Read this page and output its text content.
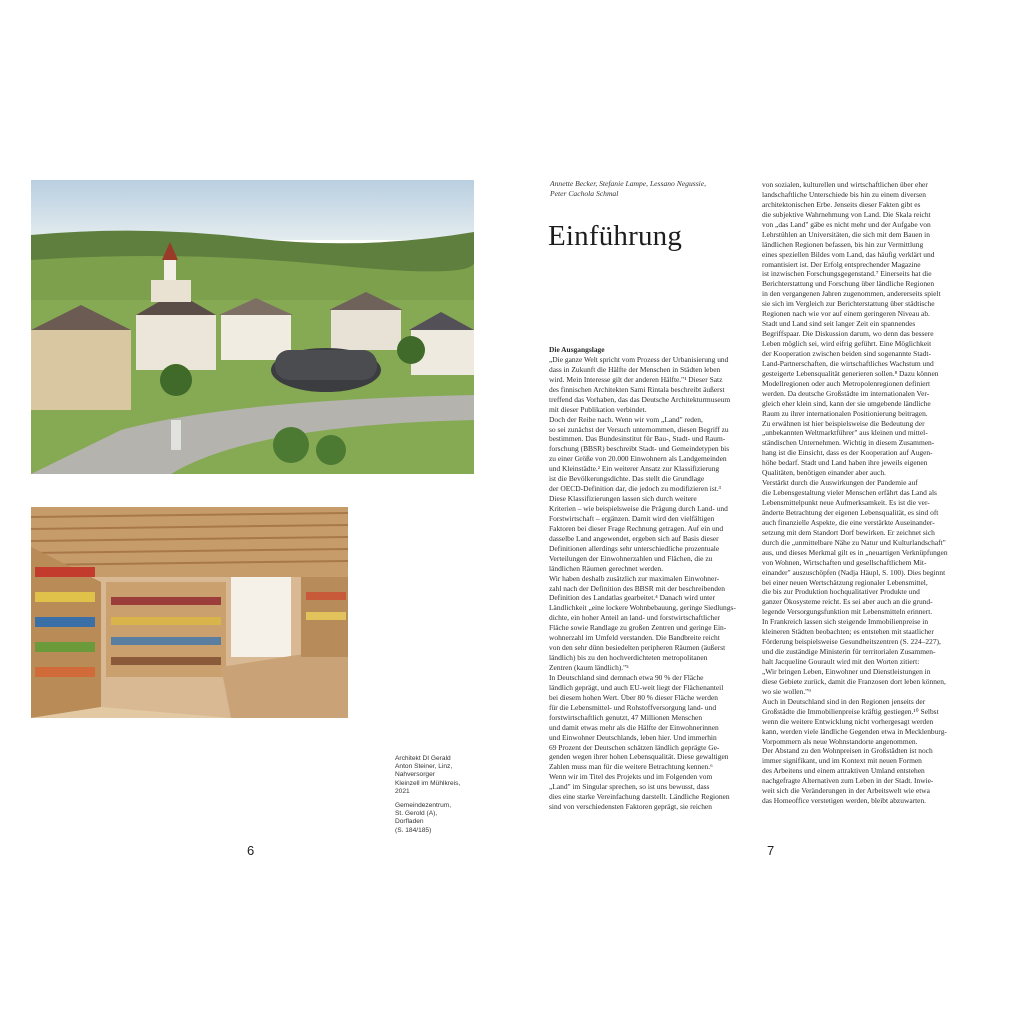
Architekt DI Gerald
Anton Steiner, Linz,
Nahversorger
Kleinzell im Mühlkreis,
2021
Gemeindezentrum,
St. Gerold (A),
Dorfladen
(S. 184/185)
6
Annette Becker, Stefanie Lampe, Lessano Negussie,
Peter Cachola Schmal
Einführung
Die Ausgangslage
„Die ganze Welt spricht vom Prozess der Urbanisierung und
dass in Zukunft die Hälfte der Menschen in Städten leben
wird. Mein Interesse gilt der anderen Hälfte."¹ Dieser Satz
des finnischen Architekten Sami Rintala beschreibt äußerst
treffend das Vorhaben, das das Deutsche Architekturmuseum
mit dieser Publikation verbindet.
Doch der Reihe nach. Wenn wir vom „Land" reden,
so sei zunächst der Versuch unternommen, diesen Begriff zu
bestimmen. Das Bundesinstitut für Bau-, Stadt- und Raum-
forschung (BBSR) beschreibt Stadt- und Gemeindetypen bis
zu einer Größe von 20.000 Einwohnern als Landgemeinden
und Kleinstädte.² Ein weiterer Ansatz zur Klassifizierung
ist die Bevölkerungsdichte. Das stellt die Grundlage
der OECD-Definition dar, die jedoch zu modifizieren ist.³
Diese Klassifizierungen lassen sich durch weitere
Kriterien – wie beispielsweise die Prägung durch Land- und
Forstwirtschaft – ergänzen. Damit wird den vielfältigen
Faktoren bei dieser Frage Rechnung getragen. Auf ein und
dasselbe Land angewendet, ergeben sich auf Basis dieser
Definitionen allerdings sehr unterschiedliche prozentuale
Verteilungen der Einwohnerzahlen und Flächen, die zu
ländlichen Räumen gerechnet werden.
Wir haben deshalb zusätzlich zur maximalen Einwohner-
zahl nach der Definition des BBSR mit der beschreibenden
Definition des Landatlas gearbeitet.⁴ Danach wird unter
Ländlichkeit „eine lockere Wohnbebauung, geringe Siedlungs-
dichte, ein hoher Anteil an land- und forstwirtschaftlicher
Fläche sowie Randlage zu großen Zentren und geringe Ein-
wohnerzahl im Umfeld verstanden. Die Bandbreite reicht
von den sehr dünn besiedelten peripheren Räumen (äußerst
ländlich) bis zu den hochverdichteten metropolitanen
Zentren (kaum ländlich)."⁵
In Deutschland sind demnach etwa 90 % der Fläche
ländlich geprägt, und auch EU-weit liegt der Flächenanteil
bei diesem hohen Wert. Über 80 % dieser Fläche werden
für die Lebensmittel- und Rohstoffversorgung land- und
forstwirtschaftlich genutzt, 47 Millionen Menschen
und damit etwas mehr als die Hälfte der Einwohnerinnen
und Einwohner Deutschlands, leben hier. Und immerhin
69 Prozent der Deutschen schätzen ländlich geprägte Ge-
genden wegen ihrer hohen Lebensqualität. Diese gewaltigen
Zahlen muss man für die weitere Betrachtung kennen.⁶
Wenn wir im Titel des Projekts und im Folgenden vom
„Land" im Singular sprechen, so ist uns bewusst, dass
dies eine starke Vereinfachung darstellt. Ländliche Regionen
sind von verschiedensten Faktoren geprägt, sie reichen
von sozialen, kulturellen und wirtschaftlichen über eher
landschaftliche Unterschiede bis hin zu einem diversen
architektonischen Erbe. Jenseits dieser Fakten gibt es
die subjektive Wahrnehmung von Land. Die Skala reicht
von „das Land" gäbe es nicht mehr und der Aufgabe von
Lehrstühlen an Universitäten, die sich mit dem Bauen in
ländlichen Regionen befassen, bis hin zur Vermittlung
eines speziellen Bildes vom Land, das häufig verklärt und
romantisiert ist. Der Erfolg entsprechender Magazine
ist inzwischen Forschungsgegenstand.⁷ Einerseits hat die
Berichterstattung und Forschung über ländliche Regionen
in den vergangenen Jahren zugenommen, andererseits spielt
sie sich im Vergleich zur Berichterstattung über städtische
Regionen nach wie vor auf einem geringeren Niveau ab.
Stadt und Land sind seit langer Zeit ein spannendes
Begriffspaar. Die Diskussion darum, wo denn das bessere
Leben möglich sei, wird eifrig geführt. Eine Möglichkeit
der Kooperation zwischen beiden sind sogenannte Stadt-
Land-Partnerschaften, die wirtschaftliches Wachstum und
gesteigerte Lebensqualität generieren sollen.⁸ Dazu können
Modellregionen oder auch Metropolenregionen definiert
werden. Da deutsche Großstädte im internationalen Ver-
gleich eher klein sind, kann der sie umgebende ländliche
Raum zu ihrer internationalen Positionierung beitragen.
Zu erwähnen ist hier beispielsweise die Bedeutung der
„unbekannten Weltmarktführer" aus kleinen und mittel-
ständischen Unternehmen. Wichtig in diesem Zusammen-
hang ist die Einsicht, dass es der Kooperation auf Augen-
höhe bedarf. Stadt und Land haben ihre jeweils eigenen
Qualitäten, benötigen einander aber auch.
Verstärkt durch die Auswirkungen der Pandemie auf
die Lebensgestaltung vieler Menschen erfährt das Land als
Lebensmittelpunkt neue Aufmerksamkeit. Es ist die ver-
änderte Betrachtung der eigenen Lebensqualität, es sind oft
auch finanzielle Aspekte, die eine verstärkte Auseinander-
setzung mit dem Standort Dorf bewirken. Er zeichnet sich
durch die „unmittelbare Nähe zu Natur und Kulturlandschaft"
aus, und dieses Merkmal gilt es in „neuartigen Verknüpfungen
von Wohnen, Wirtschaften und gesellschaftlichem Mit-
einander" auszuschöpfen (Nadja Häupl, S. 100). Dies beginnt
bei einer neuen Wertschätzung regionaler Lebensmittel,
die bis zur Produktion hochqualitativer Produkte und
ganzer Ökosysteme reicht. Es sei aber auch an die grund-
legende Versorgungsfunktion mit Lebensmitteln erinnert.
In Frankreich lassen sich steigende Immobilienpreise in
kleineren Städten beobachten; es entstehen mit staatlicher
Förderung beispielsweise Gesundheitszentren (S. 224–227),
und die zuständige Ministerin für territorialen Zusammen-
halt Jacqueline Gourault wird mit den Worten zitiert:
„Wir bringen Leben, Einwohner und Dienstleistungen in
diese Gebiete zurück, damit die Franzosen dort leben können,
wo sie wollen."⁹
Auch in Deutschland sind in den Regionen jenseits der
Großstädte die Immobilienpreise kräftig gestiegen.¹⁰ Selbst
wenn die weitere Entwicklung nicht vorhergesagt werden
kann, werden viele ländliche Gegenden etwa in Mecklenburg-
Vorpommern als neue Wohnstandorte angenommen.
Der Abstand zu den Wohnpreisen in Großstädten ist noch
immer signifikant, und im Kontext mit neuen Formen
des Arbeitens und einem attraktiven Umland entstehen
nachgefragte Alternativen zum Leben in der Stadt. Inwie-
weit sich die Veränderungen in der Arbeitswelt wie etwa
das Homeoffice verstetigen werden, bleibt abzuwarten.
7
